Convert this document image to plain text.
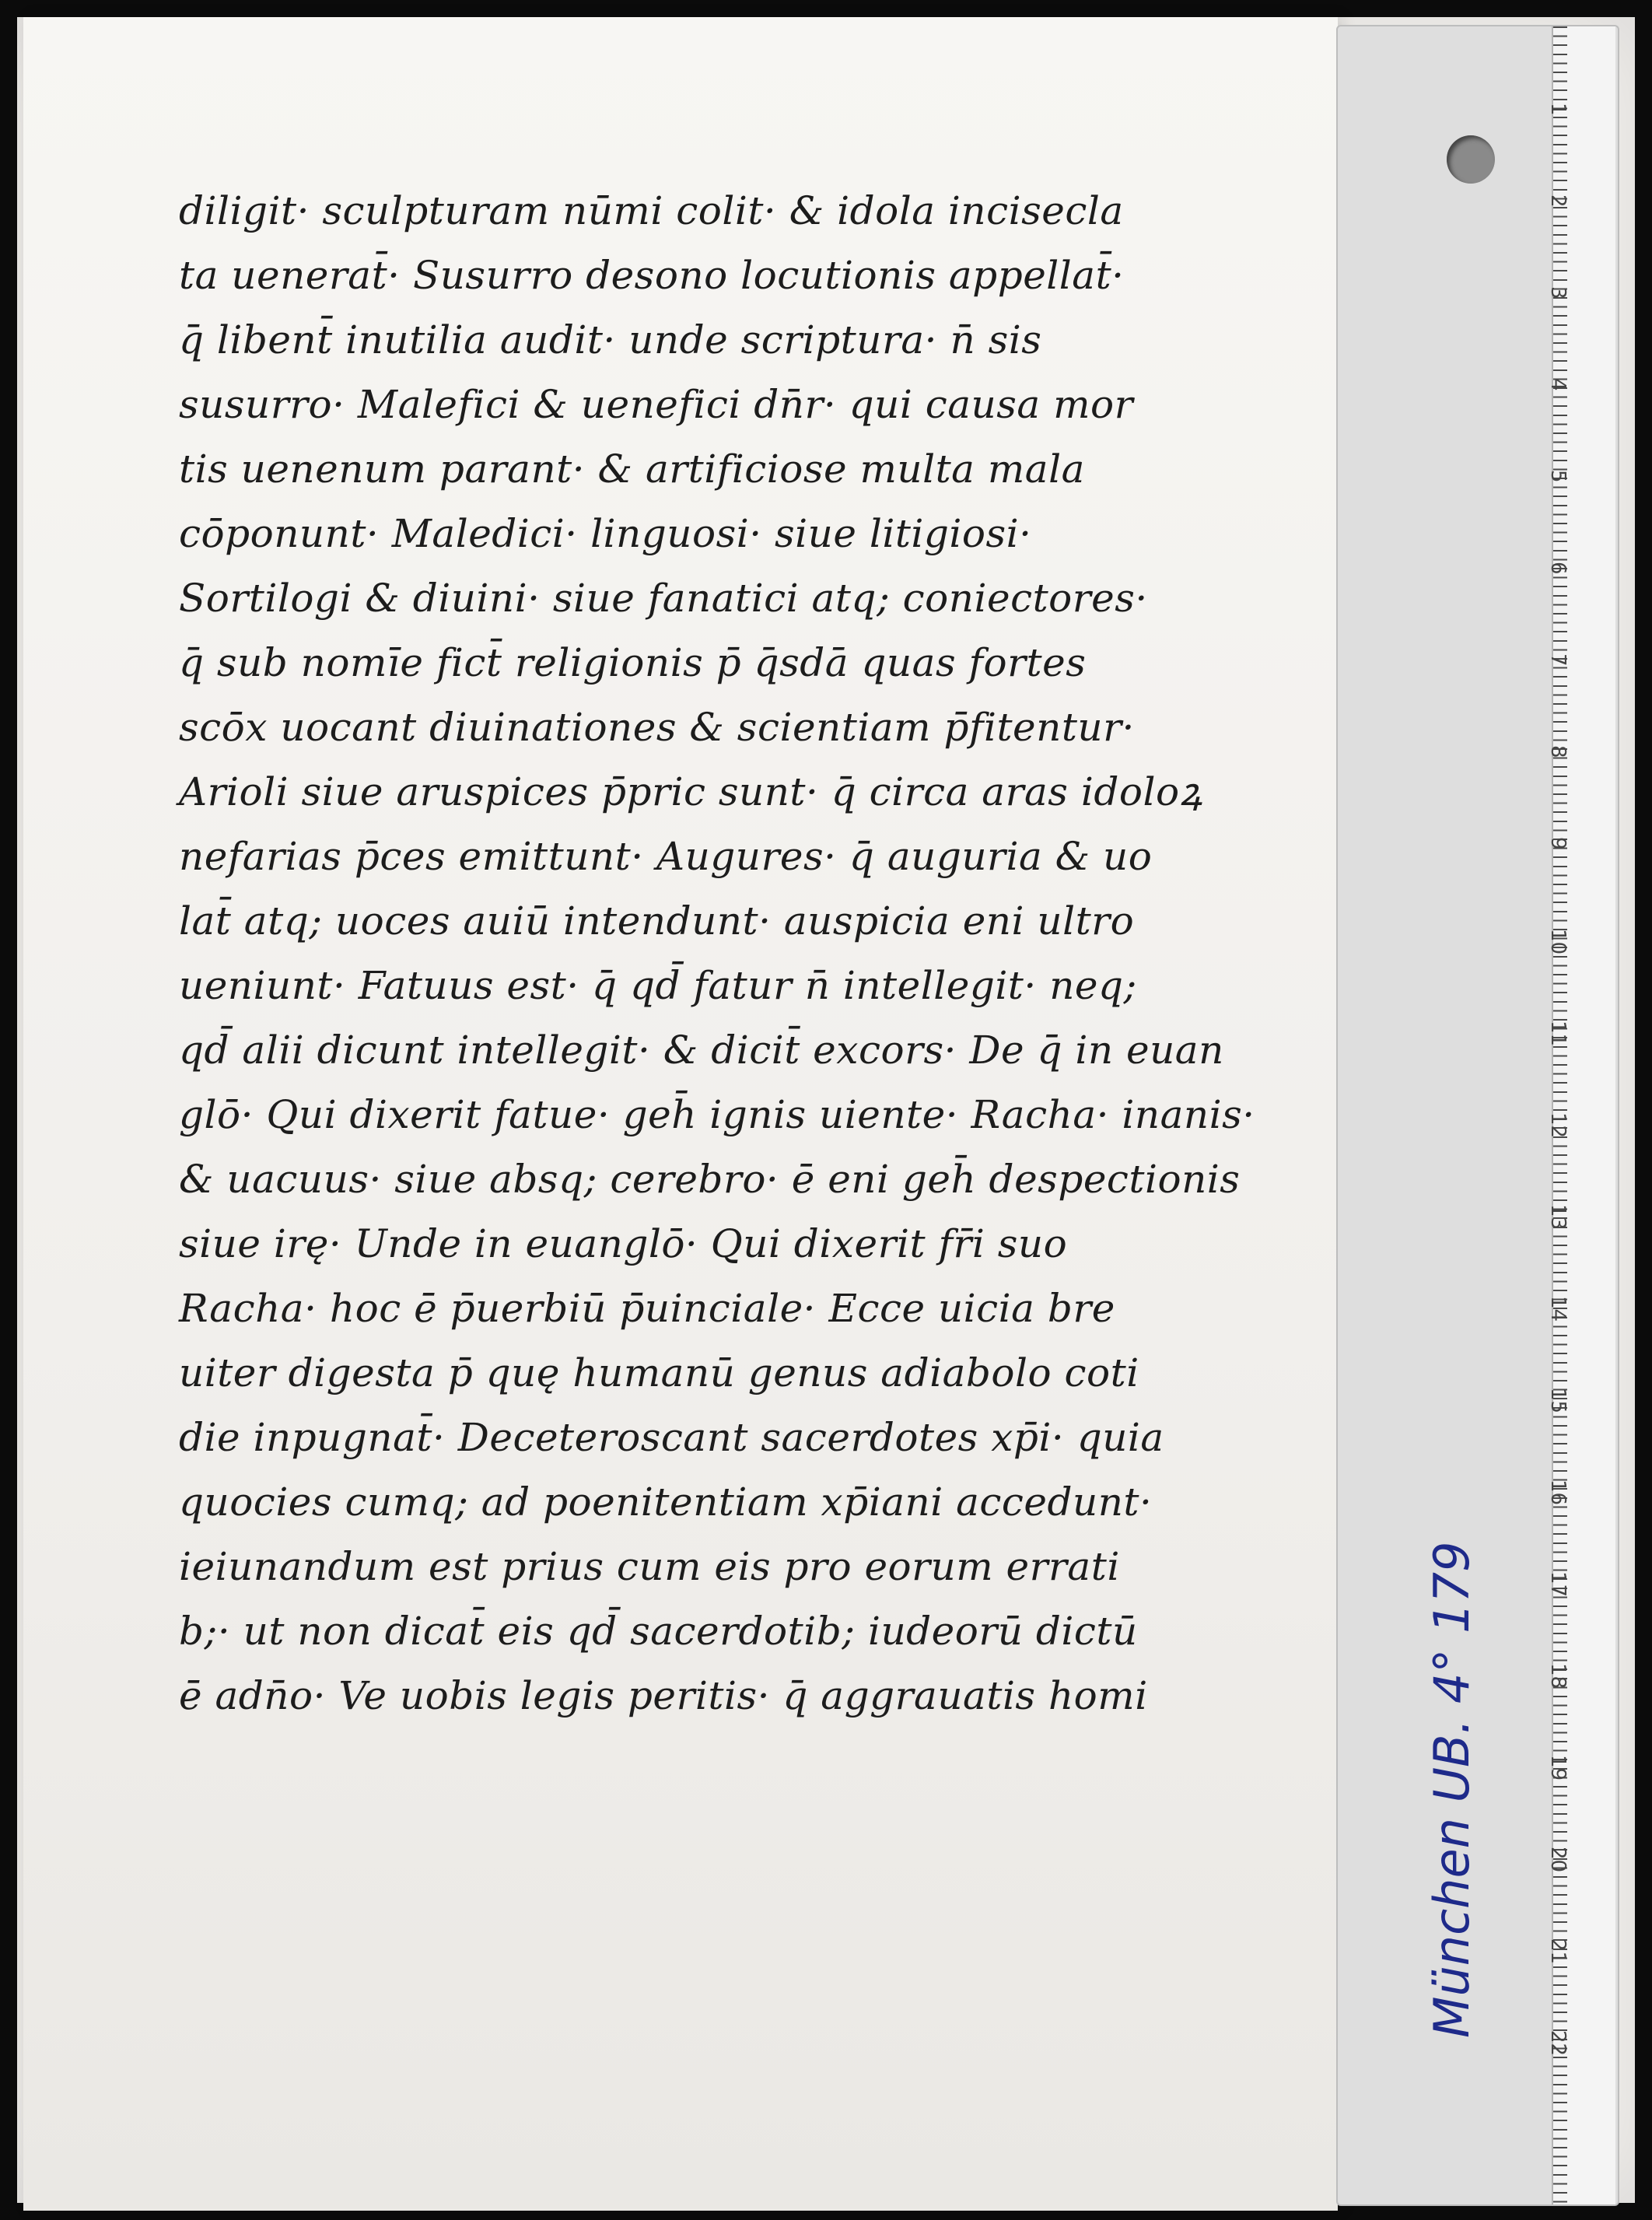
diligit· sculpturam nūmi colit· & idola incisecla
ta uenerat̄· Susurro desono locutionis appellat̄·
q̄ libent̄ inutilia audit· unde scriptura· n̄ sis
susurro· Malefici & uenefici dn̄r· qui causa mor
tis uenenum parant· & artificiose multa mala
cōponunt· Maledici· linguosi· siue litigiosi·
Sortilogi & diuini· siue fanatici atq; coniectores·
q̄ sub nomīe fict̄ religionis p̄ q̄sdā quas fortes
scōx uocant diuinationes & scientiam p̄fitentur·
Arioli siue aruspices p̄pric sunt· q̄ circa aras idoloꝝ
nefarias p̄ces emittunt· Augures· q̄ auguria & uo
lat̄ atq; uoces auiū intendunt· auspicia eni ultro
ueniunt· Fatuus est· q̄ qd̄ fatur n̄ intellegit· neq;
qd̄ alii dicunt intellegit· & dicit̄ excors· De q̄ in euan
glō· Qui dixerit fatue· geh̄ ignis uiente· Racha· inanis·
& uacuus· siue absq; cerebro· ē eni geh̄ despectionis
siue irę· Unde in euanglō· Qui dixerit fr̄i suo
Racha· hoc ē p̄uerbiū p̄uinciale· Ecce uicia bre
uiter digesta p̄ quę humanū genus adiabolo coti
die inpugnat̄· Deceteroscant sacerdotes xp̄i· quia
quocies cumq; ad poenitentiam xp̄iani accedunt·
ieiunandum est prius cum eis pro eorum errati
b;· ut non dicat̄ eis qd̄ sacerdotib; iudeorū dictū
ē adn̄o· Ve uobis legis peritis· q̄ aggrauatis homi
1
2
3
4
5
6
7
8
9
10
11
12
13
14
15
16
17
18
19
20
21
22
München UB. 4° 179
